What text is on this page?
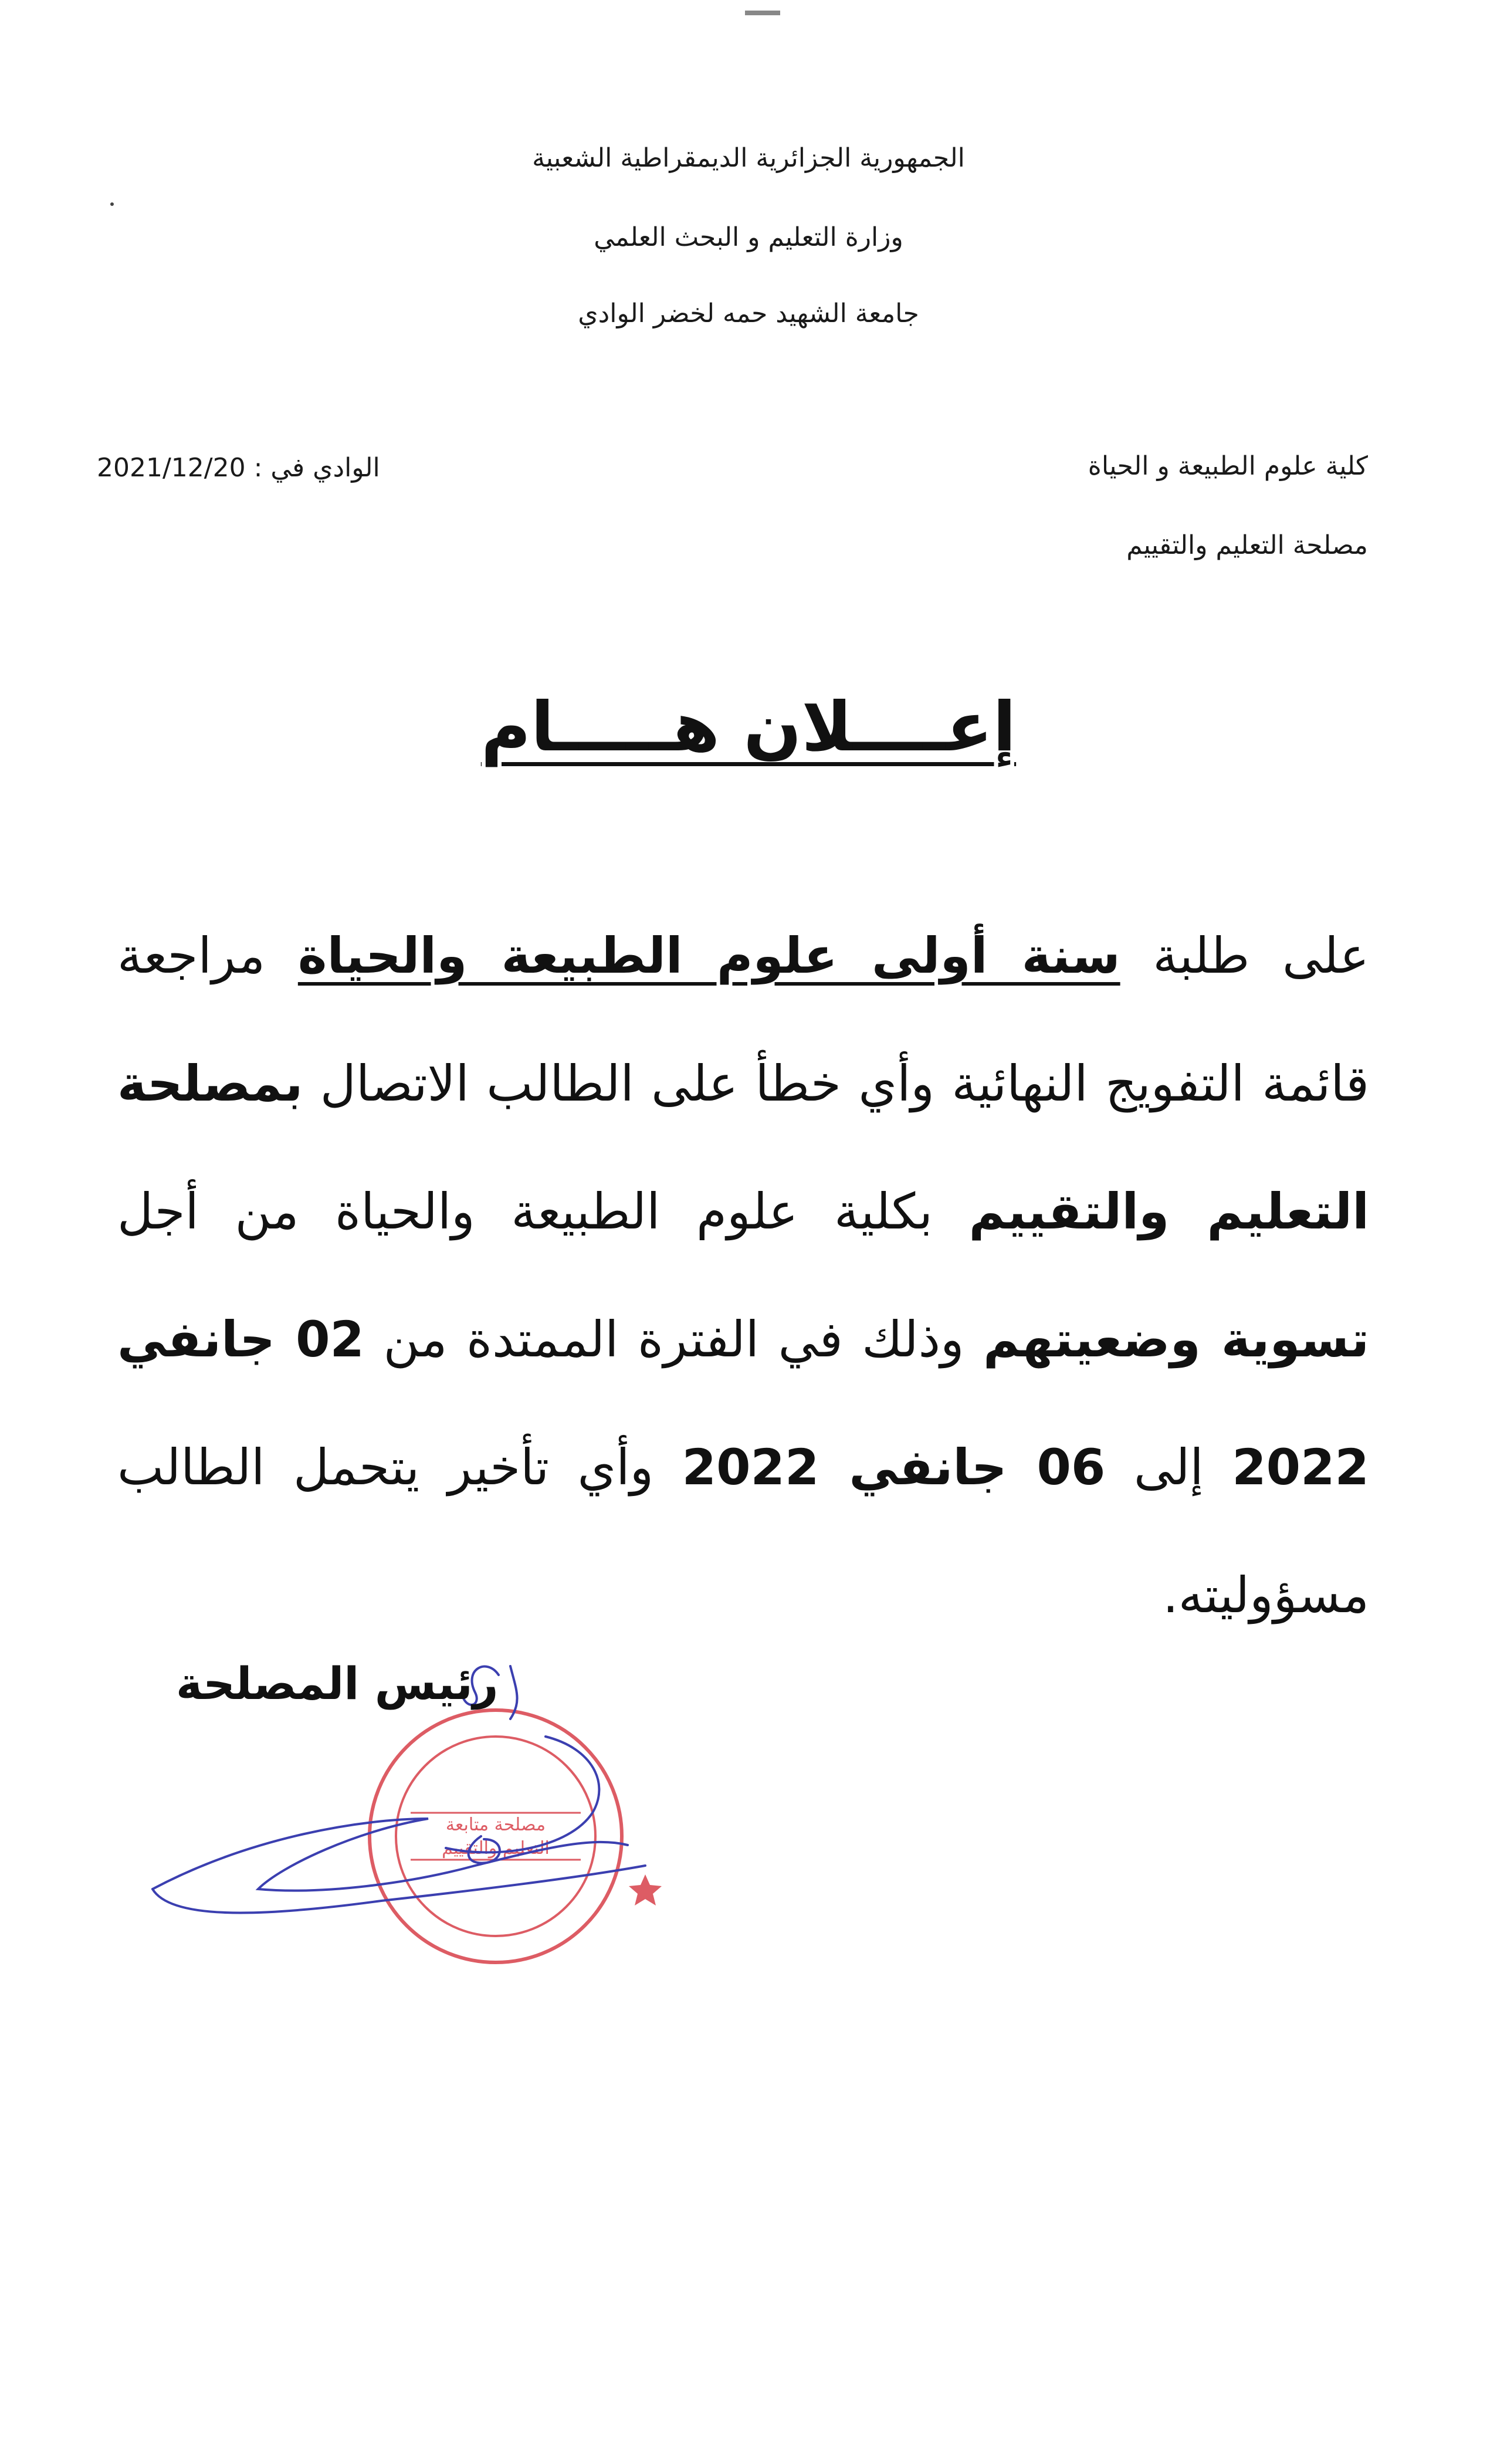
الجمهورية الجزائرية الديمقراطية الشعبية
وزارة التعليم و البحث العلمي
جامعة الشهيد حمه لخضر الوادي
كلية علوم الطبيعة و الحياة
مصلحة التعليم والتقييم
الوادي في : 2021/12/20
إعــــلان هـــــام
على طلبة سنة أولى علوم الطبيعة والحياة مراجعة قائمة التفويج النهائية وأي خطأ على الطالب الاتصال بمصلحة التعليم والتقييم بكلية علوم الطبيعة والحياة من أجل تسوية وضعيتهم وذلك في الفترة الممتدة من 02 جانفي 2022 إلى 06 جانفي 2022 وأي تأخير يتحمل الطالب مسؤوليته.
مصلحة متابعة
التعليم والتقييم
رئيس المصلحة
